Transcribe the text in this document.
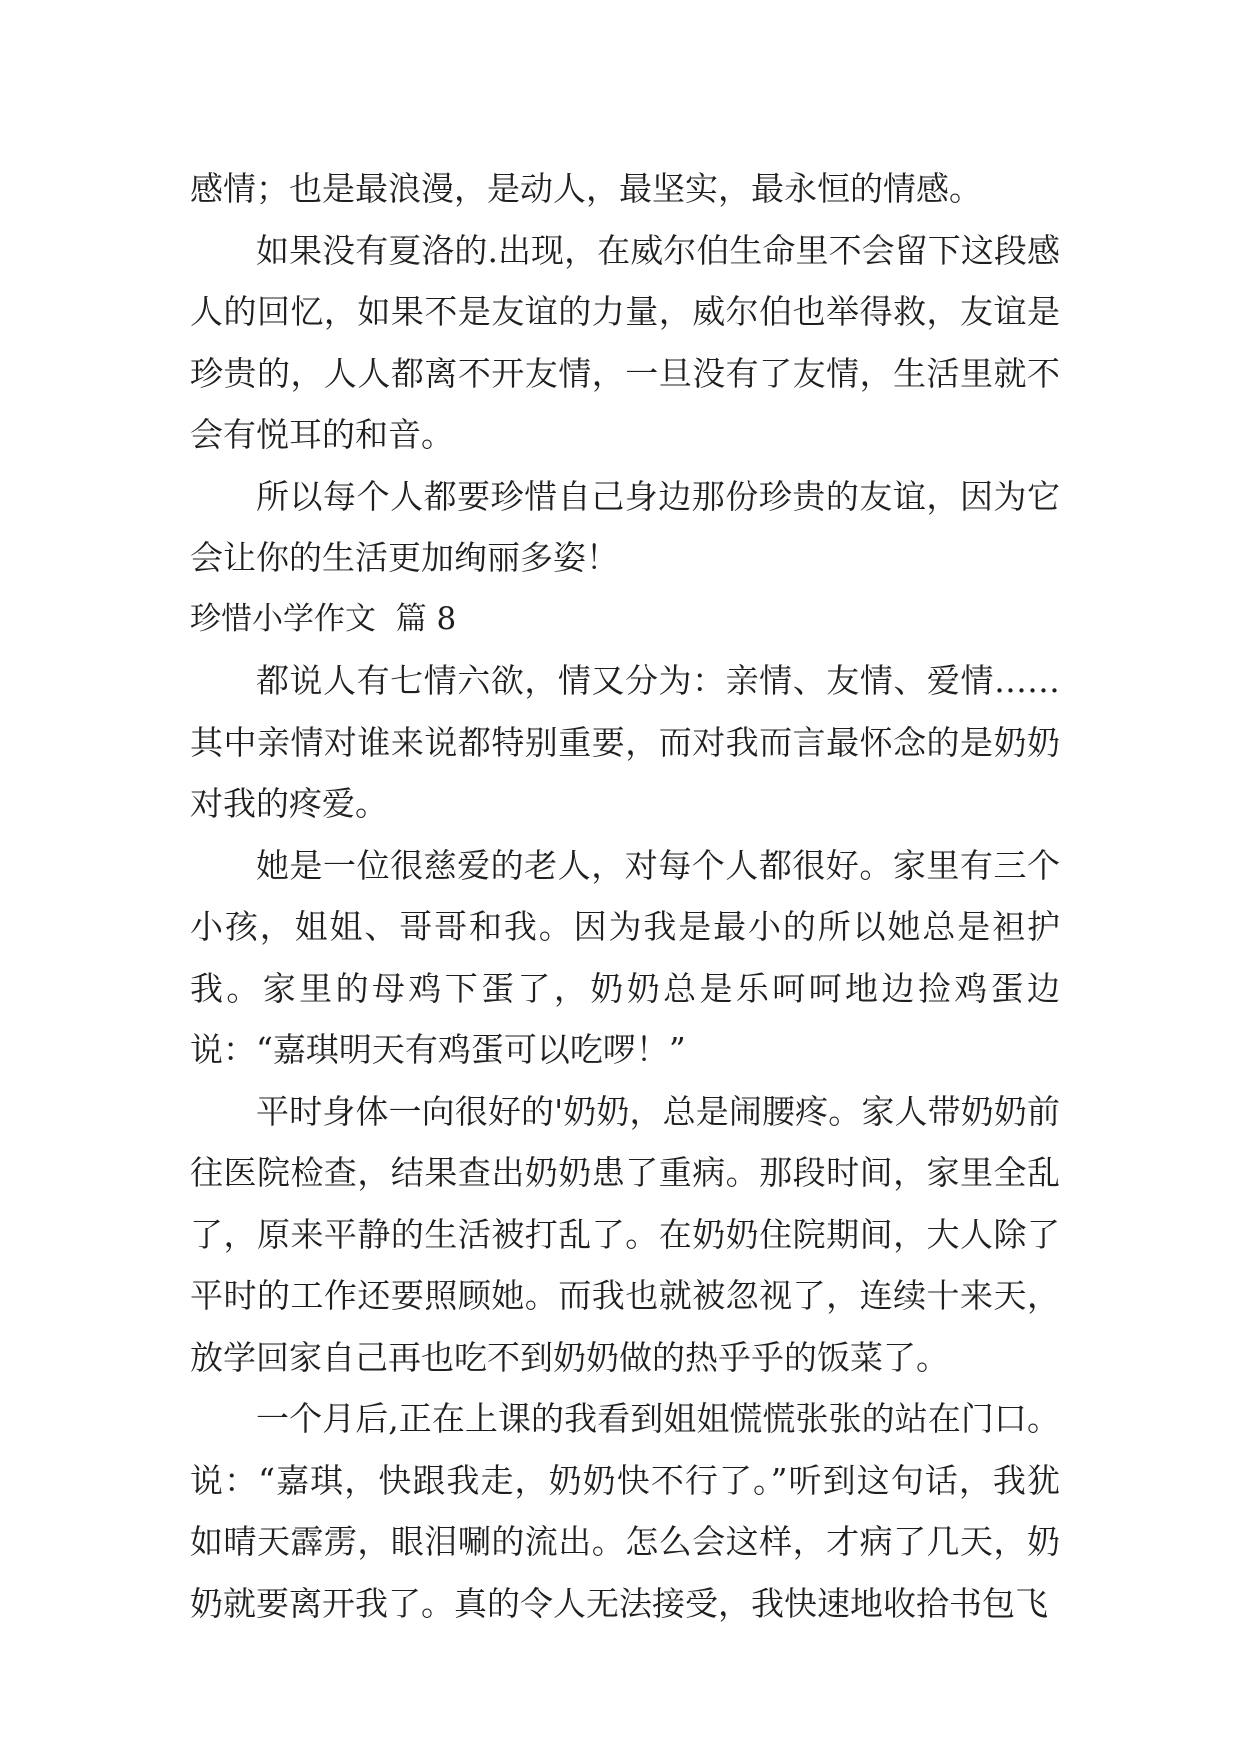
感情；也是最浪漫，是动人，最坚实，最永恒的情感。

如果没有夏洛的.出现，在威尔伯生命里不会留下这段感人的回忆，如果不是友谊的力量，威尔伯也举得救，友谊是珍贵的，人人都离不开友情，一旦没有了友情，生活里就不会有悦耳的和音。

所以每个人都要珍惜自己身边那份珍贵的友谊，因为它会让你的生活更加绚丽多姿！

珍惜小学作文  篇 8

都说人有七情六欲，情又分为：亲情、友情、爱情……其中亲情对谁来说都特别重要，而对我而言最怀念的是奶奶对我的疼爱。

她是一位很慈爱的老人，对每个人都很好。家里有三个小孩，姐姐、哥哥和我。因为我是最小的所以她总是袒护我。家里的母鸡下蛋了，奶奶总是乐呵呵地边捡鸡蛋边说：“嘉琪明天有鸡蛋可以吃啰！”

平时身体一向很好的'奶奶，总是闹腰疼。家人带奶奶前往医院检查，结果查出奶奶患了重病。那段时间，家里全乱了，原来平静的生活被打乱了。在奶奶住院期间，大人除了平时的工作还要照顾她。而我也就被忽视了，连续十来天，放学回家自己再也吃不到奶奶做的热乎乎的饭菜了。

一个月后,正在上课的我看到姐姐慌慌张张的站在门口。说：“嘉琪，快跟我走，奶奶快不行了。”听到这句话，我犹如晴天霹雳，眼泪唰的流出。怎么会这样，才病了几天，奶奶就要离开我了。真的令人无法接受，我快速地收拾书包飞
